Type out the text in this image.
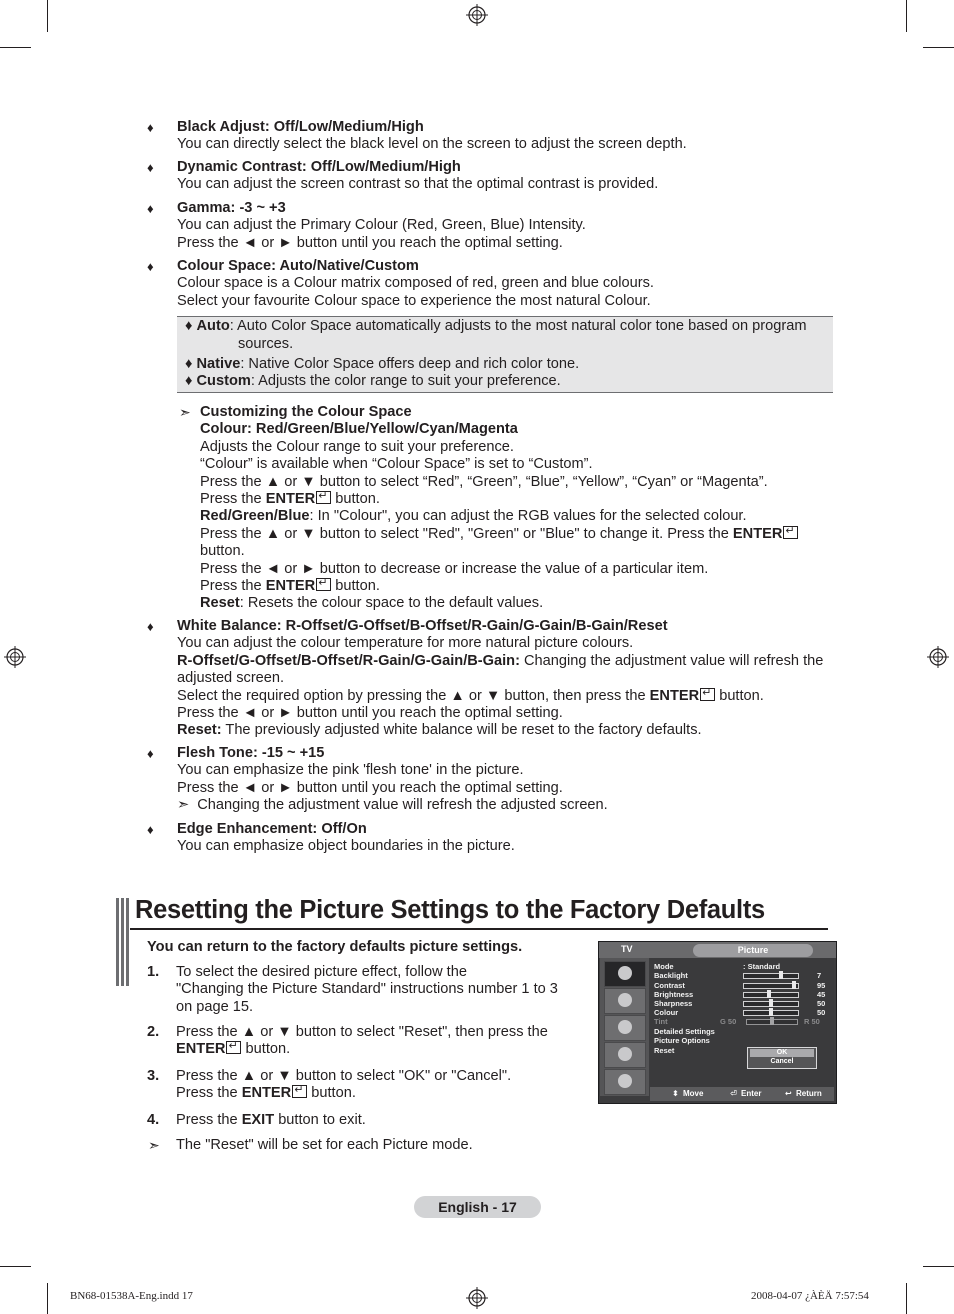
♦ Black Adjust: Off/Low/Medium/High
You can directly select the black level on the screen to adjust the screen depth.
♦ Dynamic Contrast: Off/Low/Medium/High
You can adjust the screen contrast so that the optimal contrast is provided.
♦ Gamma: -3 ~ +3
You can adjust the Primary Colour (Red, Green, Blue) Intensity.
Press the ◄ or ► button until you reach the optimal setting.
♦ Colour Space: Auto/Native/Custom
Colour space is a Colour matrix composed of red, green and blue colours.
Select your favourite Colour space to experience the most natural Colour.
♦ Auto: Auto Color Space automatically adjusts to the most natural color tone based on program
sources.
♦ Native: Native Color Space offers deep and rich color tone.
♦ Custom: Adjusts the color range to suit your preference.
➣ Customizing the Colour Space
Colour: Red/Green/Blue/Yellow/Cyan/Magenta
Adjusts the Colour range to suit your preference.
“Colour” is available when “Colour Space” is set to “Custom”.
Press the ▲ or ▼ button to select “Red”, “Green”, “Blue”, “Yellow”, “Cyan” or “Magenta”.
Press the ENTER ↵ button.
Red/Green/Blue: In "Colour", you can adjust the RGB values for the selected colour.
Press the ▲ or ▼ button to select "Red", "Green" or "Blue" to change it. Press the ENTER↵
button.
Press the ◄ or ► button to decrease or increase the value of a particular item.
Press the ENTER ↵ button.
Reset: Resets the colour space to the default values.
♦ White Balance: R-Offset/G-Offset/B-Offset/R-Gain/G-Gain/B-Gain/Reset
You can adjust the colour temperature for more natural picture colours.
R-Offset/G-Offset/B-Offset/R-Gain/G-Gain/B-Gain: Changing the adjustment value will refresh the
adjusted screen.
Select the required option by pressing the ▲ or ▼ button, then press the ENTER ↵ button.
Press the ◄ or ► button until you reach the optimal setting.
Reset: The previously adjusted white balance will be reset to the factory defaults.
♦ Flesh Tone: -15 ~ +15
You can emphasize the pink 'flesh tone' in the picture.
Press the ◄ or ► button until you reach the optimal setting.
➣ Changing the adjustment value will refresh the adjusted screen.
♦ Edge Enhancement: Off/On
You can emphasize object boundaries in the picture.
Resetting the Picture Settings to the Factory Defaults
You can return to the factory defaults picture settings.
1. To select the desired picture effect, follow the
"Changing the Picture Standard" instructions number 1 to 3
on page 15.
2. Press the ▲ or ▼ button to select "Reset", then press the
ENTER ↵ button.
3. Press the ▲ or ▼ button to select "OK" or "Cancel".
Press the ENTER ↵ button.
4. Press the EXIT button to exit.
➣ The "Reset" will be set for each Picture mode.
TV	Picture
Mode	: Standard
Backlight	7
Contrast	95
Brightness	45
Sharpness	50
Colour	50
Tint	G 50	R 50
Detailed Settings
Picture Options
Reset	OK
Cancel
⬍ Move	⏎ Enter	↩ Return
English - 17
BN68-01538A-Eng.indd 17	2008-04-07 ¿ÀÈÄ 7:57:54
